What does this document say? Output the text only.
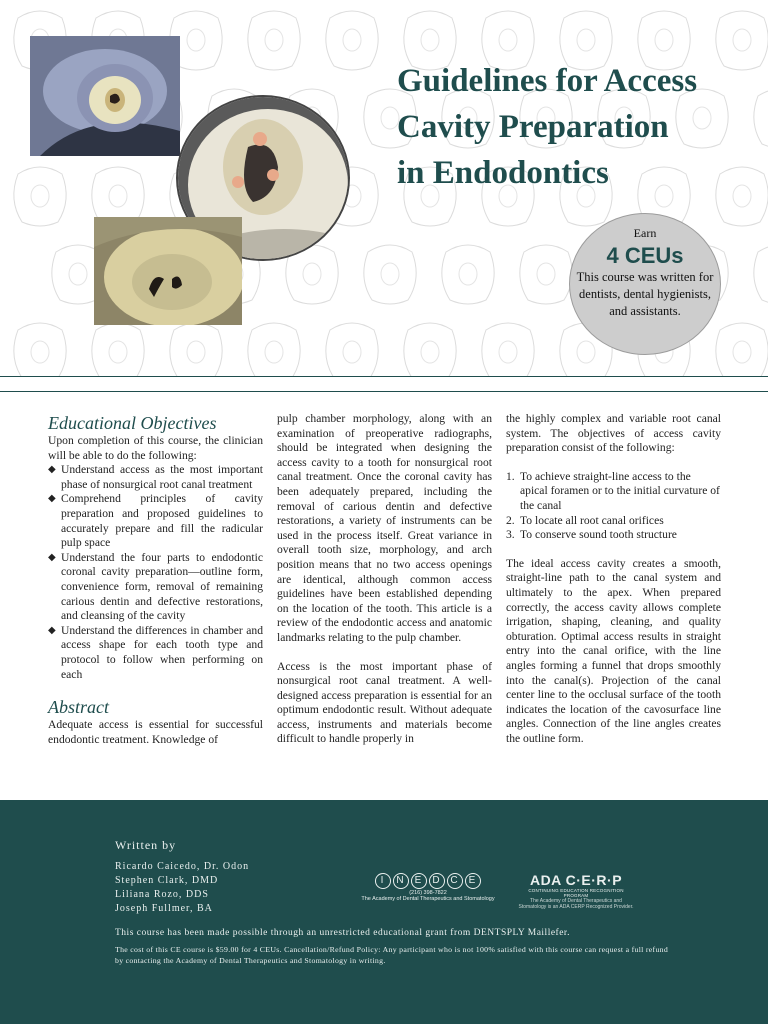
Guidelines for Access
Cavity Preparation
in Endodontics
Earn
4 CEUs
This course was written for dentists, dental hygienists, and assistants.
Educational Objectives

Upon completion of this course, the clinician will be able to do the following:

◆ Understand access as the most important phase of nonsurgical root canal treatment
◆ Comprehend principles of cavity preparation and proposed guidelines to accurately prepare and fill the radicular pulp space
◆ Understand the four parts to endodontic coronal cavity preparation—outline form, convenience form, removal of remaining carious dentin and defective restorations, and cleansing of the cavity
◆ Understand the differences in chamber and access shape for each tooth type and protocol to follow when performing on each
Abstract

Adequate access is essential for successful endodontic treatment. Knowledge of

pulp chamber morphology, along with an examination of preoperative radiographs, should be integrated when designing the access cavity to a tooth for nonsurgical root canal treatment. Once the coronal cavity has been adequately prepared, including the removal of carious dentin and defective restorations, a variety of instruments can be used in the process itself. Great variance in overall tooth size, morphology, and arch position means that no two access openings are identical, although common access guidelines have been established depending on the location of the tooth. This article is a review of the endodontic access and anatomic landmarks relating to the pulp chamber.

Access is the most important phase of nonsurgical root canal treatment. A well-designed access preparation is essential for an optimum endodontic result. Without adequate access, instruments and materials become difficult to handle properly in

the highly complex and variable root canal system. The objectives of access cavity preparation consist of the following:

1. To achieve straight-line access to the apical foramen or to the initial curvature of the canal
2. To locate all root canal orifices
3. To conserve sound tooth structure

The ideal access cavity creates a smooth, straight-line path to the canal system and ultimately to the apex. When prepared correctly, the access cavity allows complete irrigation, shaping, cleaning, and quality obturation. Optimal access results in straight entry into the canal orifice, with the line angles forming a funnel that drops smoothly into the canal(s). Projection of the canal center line to the occlusal surface of the tooth indicates the location of the cavosurface line angles. Connection of the line angles creates the outline form.

Written by
Ricardo Caicedo, Dr. Odon
Stephen Clark, DMD
Liliana Rozo, DDS
Joseph Fullmer, BA
I N E D C E
(216) 398-7822
The Academy of Dental Therapeutics and Stomatology
ADA C·E·R·P
CONTINUING EDUCATION RECOGNITION PROGRAM
The Academy of Dental Therapeutics and Stomatology is an ADA CERP Recognized Provider.
This course has been made possible through an unrestricted educational grant from DENTSPLY Maillefer.
The cost of this CE course is $59.00 for 4 CEUs. Cancellation/Refund Policy: Any participant who is not 100% satisfied with this course can request a full refund by contacting the Academy of Dental Therapeutics and Stomatology in writing.
